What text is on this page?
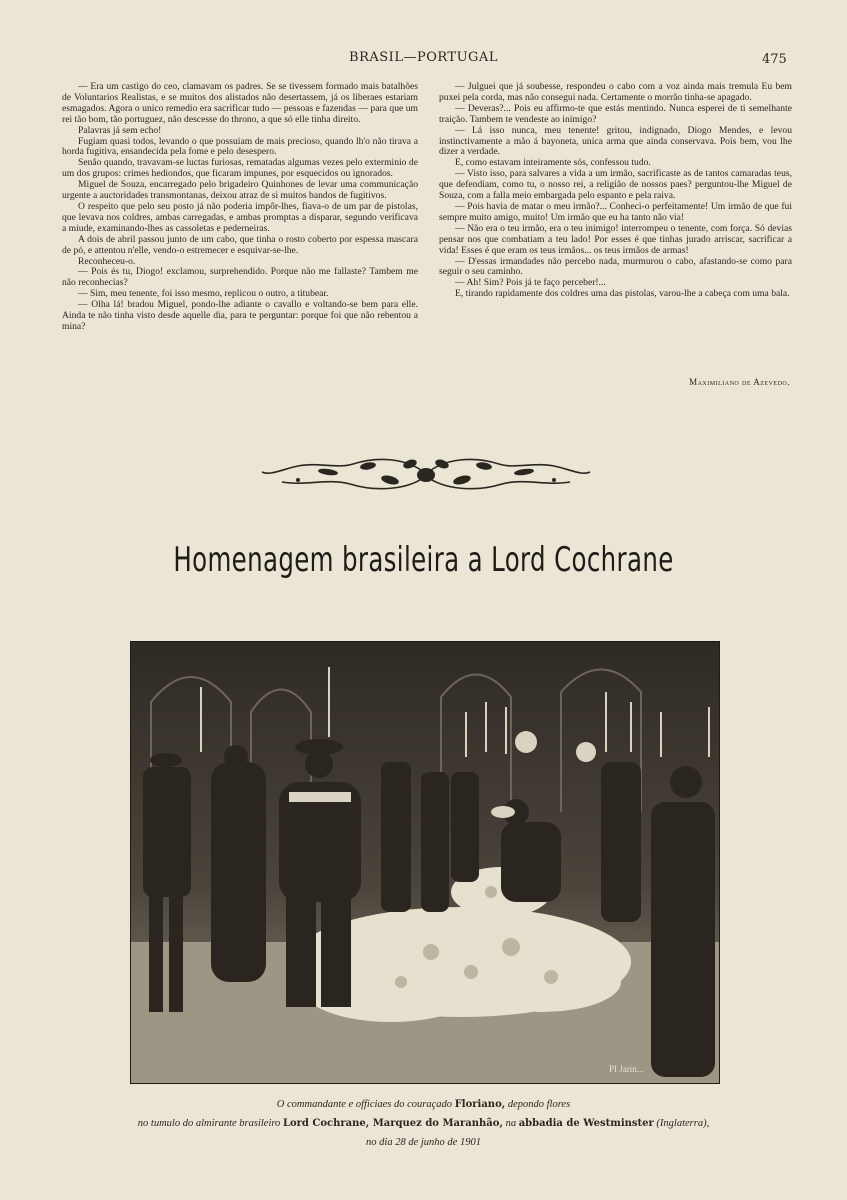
BRASIL—PORTUGAL	475

— Era um castigo do ceo, clamavam os padres. Se se tivessem formado mais batalhões de Voluntarios Realistas, e se muitos dos alistados não desertassem, já os liberaes estariam esmagados. Agora o unico remedio era sacrificar tudo — pessoas e fazendas — para que um rei tão bom, tão portuguez, não descesse do throno, a que só elle tinha direito.

Palavras já sem echo!

Fugiam quasi todos, levando o que possuiam de mais precioso, quando lh'o não tirava a horda fugitiva, ensandecida pela fome e pelo desespero.

Senão quando, travavam-se luctas furiosas, rematadas algumas vezes pelo exterminio de um dos grupos: crimes hediondos, que ficaram impunes, por esquecidos ou ignorados.

Miguel de Souza, encarregado pelo brigadeiro Quinhones de levar uma communicação urgente a auctoridades transmontanas, deixou atraz de si muitos bandos de fugitivos.

O respeito que pelo seu posto já não poderia impôr-lhes, fiava-o de um par de pistolas, que levava nos coldres, ambas carregadas, e ambas promptas a disparar, segundo verificava a miude, examinando-lhes as cassoletas e pederneiras.

A dois de abril passou junto de um cabo, que tinha o rosto coberto por espessa mascara de pó, e attentou n'elle, vendo-o estremecer e esquivar-se-lhe.

Reconheceu-o.

— Pois és tu, Diogo! exclamou, surprehendido. Porque não me fallaste? Tambem me não reconhecias?

— Sim, meu tenente, foi isso mesmo, replicou o outro, a titubear.

— Olha lá! bradou Miguel, pondo-lhe adiante o cavallo e voltando-se bem para elle. Ainda te não tinha visto desde aquelle dia, para te perguntar: porque foi que não rebentou a mina?

— Julguei que já soubesse, respondeu o cabo com a voz ainda mais tremula Eu bem puxei pela corda, mas não consegui nada. Certamente o morrão tinha-se apagado.

— Deveras?... Pois eu affirmo-te que estás mentindo. Nunca esperei de ti semelhante traição. Tambem te vendeste ao inimigo?

— Lá isso nunca, meu tenente! gritou, indignado, Diogo Mendes, e levou instinctivamente a mão á bayoneta, unica arma que ainda conservava. Pois bem, vou lhe dizer a verdade.

E, como estavam inteiramente sós, confessou tudo.

— Visto isso, para salvares a vida a um irmão, sacrificaste as de tantos camaradas teus, que defendiam, como tu, o nosso rei, a religião de nossos paes? perguntou-lhe Miguel de Souza, com a falla meio embargada pelo espanto e pela raiva.

— Pois havia de matar o meu irmão?... Conheci-o perfeitamente! Um irmão de que fui sempre muito amigo, muito! Um irmão que eu ha tanto não via!

— Não era o teu irmão, era o teu inimigo! interrompeu o tenente, com força. Só devias pensar nos que combatiam a teu lado! Por esses é que tinhas jurado arriscar, sacrificar a vida! Esses é que eram os teus irmãos... os teus irmãos de armas!

— D'essas irmandades não percebo nada, murmurou o cabo, afastando-se como para seguir o seu caminho.

— Ah! Sim? Pois já te faço perceber!...

E, tirando rapidamente dos coldres uma das pistolas, varou-lhe a cabeça com uma bala.

Maximiliano de Azevedo.
Homenagem brasileira a Lord Cochrane
PI Jarin...
O commandante e officiaes do couraçado Floriano, depondo flores
no tumulo do almirante brasileiro Lord Cochrane, Marquez do Maranhão, na abbadia de Westminster (Inglaterra),
no dia 28 de junho de 1901
